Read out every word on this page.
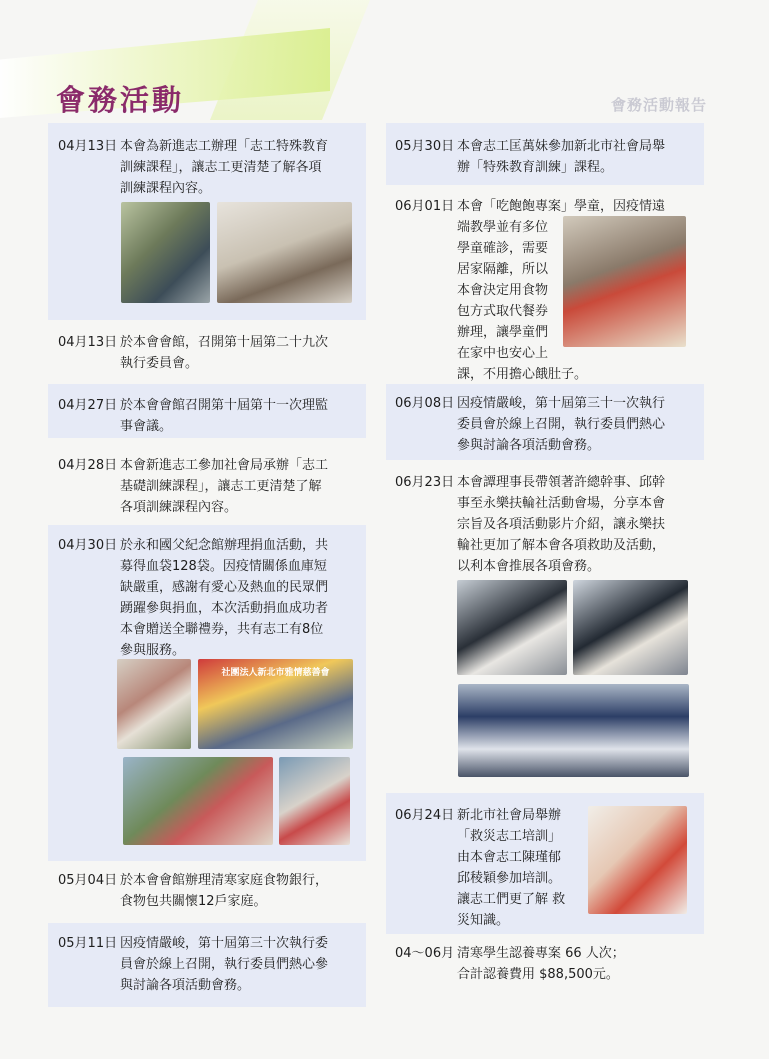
會務活動	會務活動報告
04月13日 本會為新進志工辦理「志工特殊教育
訓練課程」，讓志工更清楚了解各項
訓練課程內容。
04月13日 於本會會館，召開第十屆第二十九次
執行委員會。
04月27日 於本會會館召開第十屆第十一次理監
事會議。
04月28日 本會新進志工參加社會局承辦「志工
基礎訓練課程」，讓志工更清楚了解
各項訓練課程內容。
04月30日 於永和國父紀念館辦理捐血活動，共
募得血袋128袋。因疫情關係血庫短
缺嚴重，感謝有愛心及熱血的民眾們
踴躍參與捐血，本次活動捐血成功者
本會贈送全聯禮券，共有志工有8位
參與服務。
社團法人新北市雅情慈善會
05月04日 於本會會館辦理清寒家庭食物銀行，
食物包共關懷12戶家庭。
05月11日 因疫情嚴峻，第十屆第三十次執行委
員會於線上召開，執行委員們熱心參
與討論各項活動會務。
05月30日 本會志工匡萬妹參加新北市社會局舉
辦「特殊教育訓練」課程。
06月01日 本會「吃飽飽專案」學童，因疫情遠
端教學並有多位
學童確診，需要
居家隔離，所以
本會決定用食物
包方式取代餐券
辦理，讓學童們
在家中也安心上
課，不用擔心餓肚子。
06月08日 因疫情嚴峻，第十屆第三十一次執行
委員會於線上召開，執行委員們熱心
參與討論各項活動會務。
06月23日 本會譚理事長帶領著許總幹事、邱幹
事至永樂扶輪社活動會場，分享本會
宗旨及各項活動影片介紹，讓永樂扶
輪社更加了解本會各項救助及活動，
以利本會推展各項會務。
06月24日 新北市社會局舉辦
「救災志工培訓」
由本會志工陳瑾郁
邱稜穎參加培訓。
讓志工們更了解 救
災知識。
04～06月 清寒學生認養專案 66 人次；
合計認養費用 $88,500元。
